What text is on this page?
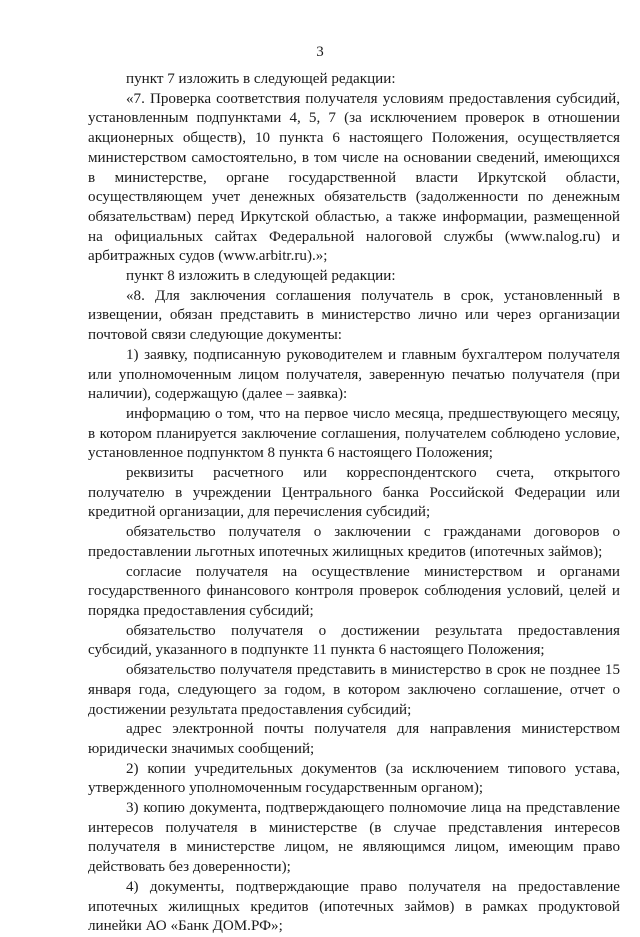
3

пункт 7 изложить в следующей редакции:

«7. Проверка соответствия получателя условиям предоставления субсидий, установленным подпунктами 4, 5, 7 (за исключением проверок в отношении акционерных обществ), 10 пункта 6 настоящего Положения, осуществляется министерством самостоятельно, в том числе на основании сведений, имеющихся в министерстве, органе государственной власти Иркутской области, осуществляющем учет денежных обязательств (задолженности по денежным обязательствам) перед Иркутской областью, а также информации, размещенной на официальных сайтах Федеральной налоговой службы (www.nalog.ru) и арбитражных судов (www.arbitr.ru).»;

пункт 8 изложить в следующей редакции:

«8. Для заключения соглашения получатель в срок, установленный в извещении, обязан представить в министерство лично или через организации почтовой связи следующие документы:

1) заявку, подписанную руководителем и главным бухгалтером получателя или уполномоченным лицом получателя, заверенную печатью получателя (при наличии), содержащую (далее – заявка):

информацию о том, что на первое число месяца, предшествующего месяцу, в котором планируется заключение соглашения, получателем соблюдено условие, установленное подпунктом 8 пункта 6 настоящего Положения;

реквизиты расчетного или корреспондентского счета, открытого получателю в учреждении Центрального банка Российской Федерации или кредитной организации, для перечисления субсидий;

обязательство получателя о заключении с гражданами договоров о предоставлении льготных ипотечных жилищных кредитов (ипотечных займов);

согласие получателя на осуществление министерством и органами государственного финансового контроля проверок соблюдения условий, целей и порядка предоставления субсидий;

обязательство получателя о достижении результата предоставления субсидий, указанного в подпункте 11 пункта 6 настоящего Положения;

обязательство получателя представить в министерство в срок не позднее 15 января года, следующего за годом, в котором заключено соглашение, отчет о достижении результата предоставления субсидий;

адрес электронной почты получателя для направления министерством юридически значимых сообщений;

2) копии учредительных документов (за исключением типового устава, утвержденного уполномоченным государственным органом);

3) копию документа, подтверждающего полномочие лица на представление интересов получателя в министерстве (в случае представления интересов получателя в министерстве лицом, не являющимся лицом, имеющим право действовать без доверенности);

4) документы, подтверждающие право получателя на предоставление ипотечных жилищных кредитов (ипотечных займов) в рамках продуктовой линейки АО «Банк ДОМ.РФ»;
